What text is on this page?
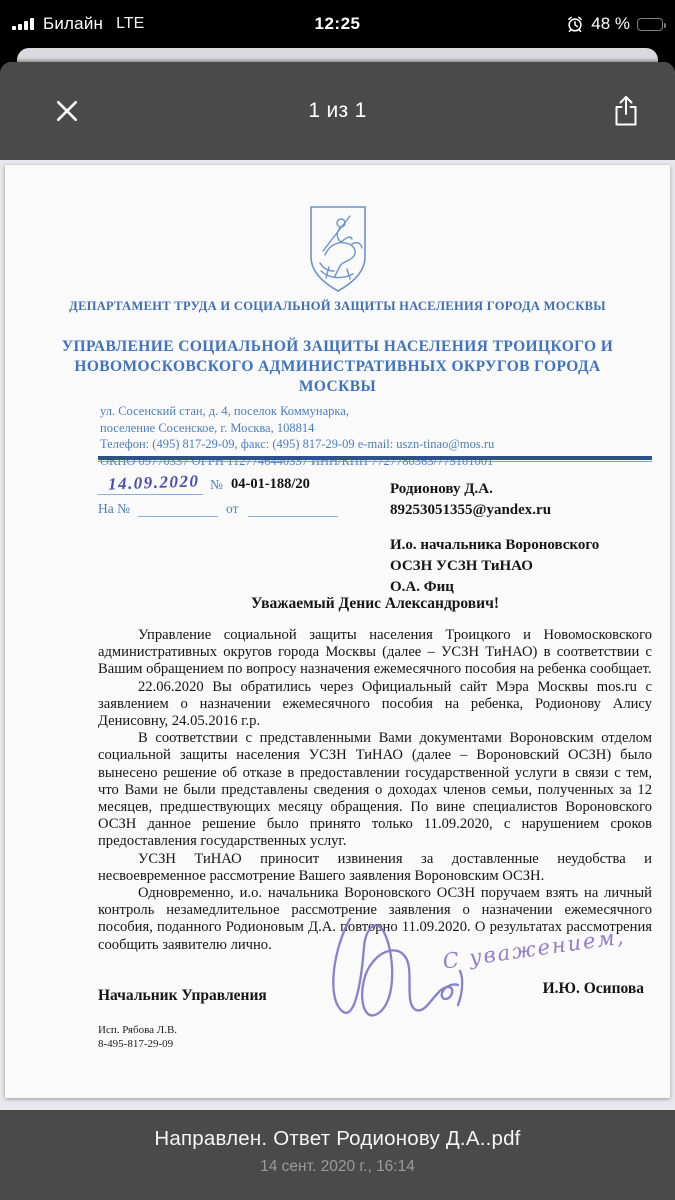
Билайн LTE	12:25	48 %
1 из 1
ДЕПАРТАМЕНТ ТРУДА И СОЦИАЛЬНОЙ ЗАЩИТЫ НАСЕЛЕНИЯ ГОРОДА МОСКВЫ
УПРАВЛЕНИЕ СОЦИАЛЬНОЙ ЗАЩИТЫ НАСЕЛЕНИЯ ТРОИЦКОГО И НОВОМОСКОВСКОГО АДМИНИСТРАТИВНЫХ ОКРУГОВ ГОРОДА МОСКВЫ
ул. Сосенский стан, д. 4, поселок Коммунарка,
поселение Сосенское, г. Москва, 108814
Телефон: (495) 817-29-09, факс: (495) 817-29-09 e-mail: uszn-tinao@mos.ru
14.09.2020 № 04-01-188/20
На №	от
Родионову Д.А.
89253051355@yandex.ru
И.о. начальника Вороновского
ОСЗН УСЗН ТиНАО
О.А. Фиц
Уважаемый Денис Александрович!

Управление социальной защиты населения Троицкого и Новомосковского административных округов города Москвы (далее – УСЗН ТиНАО) в соответствии с Вашим обращением по вопросу назначения ежемесячного пособия на ребенка сообщает.

22.06.2020 Вы обратились через Официальный сайт Мэра Москвы mos.ru с заявлением о назначении ежемесячного пособия на ребенка, Родионову Алису Денисовну, 24.05.2016 г.р.

В соответствии с представленными Вами документами Вороновским отделом социальной защиты населения УСЗН ТиНАО (далее – Вороновский ОСЗН) было вынесено решение об отказе в предоставлении государственной услуги в связи с тем, что Вами не были представлены сведения о доходах членов семьи, полученных за 12 месяцев, предшествующих месяцу обращения. По вине специалистов Вороновского ОСЗН данное решение было принято только 11.09.2020, с нарушением сроков предоставления государственных услуг.

УСЗН ТиНАО приносит извинения за доставленные неудобства и несвоевременное рассмотрение Вашего заявления Вороновским ОСЗН.

Одновременно, и.о. начальника Вороновского ОСЗН поручаем взять на личный контроль незамедлительное рассмотрение заявления о назначении ежемесячного пособия, поданного Родионовым Д.А. повторно 11.09.2020. О результатах рассмотрения сообщить заявителю лично.	С уважением,
Начальник Управления	И.Ю. Осипова
Исп. Рябова Л.В.
8-495-817-29-09
Направлен. Ответ Родионову Д.А..pdf
14 сент. 2020 г., 16:14
